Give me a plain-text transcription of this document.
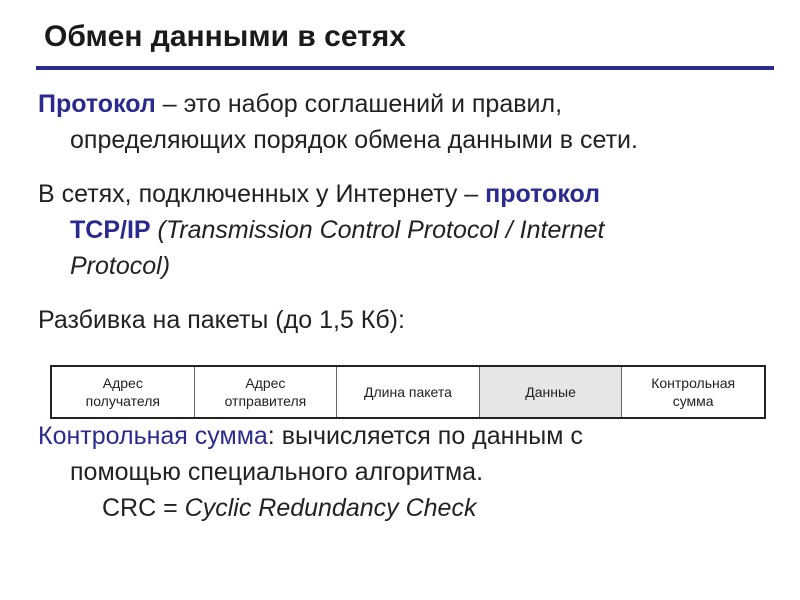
Обмен данными в сетях
Протокол – это набор соглашений и правил,
определяющих порядок обмена данными в сети.
В сетях, подключенных у Интернету – протокол
TCP/IP (Transmission Control Protocol / Internet
Protocol)
Разбивка на пакеты (до 1,5 Кб):
Адрес
получателя
Адрес
отправителя
Длина пакета	Данные
Контрольная
сумма
Контрольная сумма: вычисляется по данным с
помощью специального алгоритма.
CRC = Cyclic Redundancy Check
